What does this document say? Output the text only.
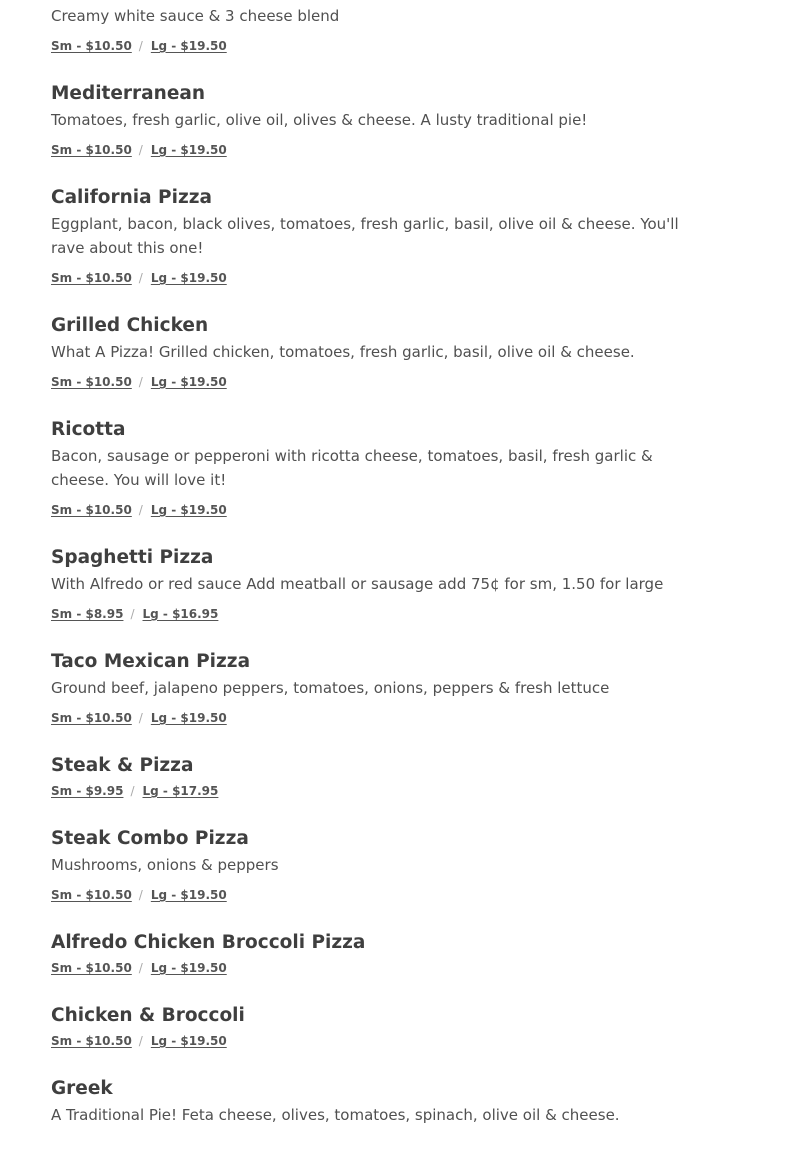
Creamy white sauce & 3 cheese blend
Sm - $10.50 / Lg - $19.50
Mediterranean
Tomatoes, fresh garlic, olive oil, olives & cheese. A lusty traditional pie!
Sm - $10.50 / Lg - $19.50
California Pizza
Eggplant, bacon, black olives, tomatoes, fresh garlic, basil, olive oil & cheese. You'll rave about this one!
Sm - $10.50 / Lg - $19.50
Grilled Chicken
What A Pizza! Grilled chicken, tomatoes, fresh garlic, basil, olive oil & cheese.
Sm - $10.50 / Lg - $19.50
Ricotta
Bacon, sausage or pepperoni with ricotta cheese, tomatoes, basil, fresh garlic & cheese. You will love it!
Sm - $10.50 / Lg - $19.50
Spaghetti Pizza
With Alfredo or red sauce Add meatball or sausage add 75¢ for sm, 1.50 for large
Sm - $8.95 / Lg - $16.95
Taco Mexican Pizza
Ground beef, jalapeno peppers, tomatoes, onions, peppers & fresh lettuce
Sm - $10.50 / Lg - $19.50
Steak & Pizza
Sm - $9.95 / Lg - $17.95
Steak Combo Pizza
Mushrooms, onions & peppers
Sm - $10.50 / Lg - $19.50
Alfredo Chicken Broccoli Pizza
Sm - $10.50 / Lg - $19.50
Chicken & Broccoli
Sm - $10.50 / Lg - $19.50
Greek
A Traditional Pie! Feta cheese, olives, tomatoes, spinach, olive oil & cheese.
